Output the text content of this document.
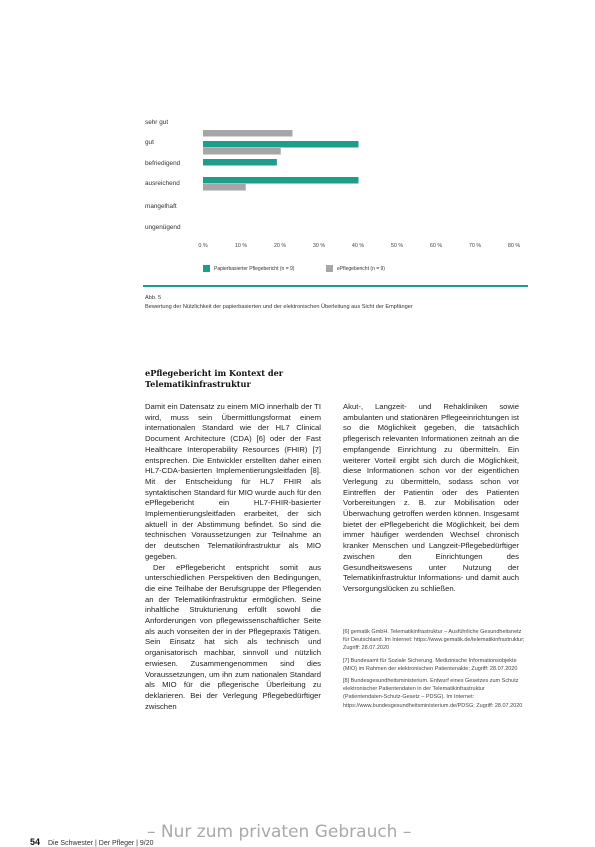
sehr gut
gut
befriedigend
ausreichend
mangelhaft
ungenügend
0 %	10 %	20 %	30 %	40 %	50 %	60 %	70 %	80 %
Papierbasierter Pflegebericht (n = 9)	ePflegebericht (n = 9)
Abb. 5
Bewertung der Nützlichkeit der papierbasierten und der elektronischen Überleitung aus Sicht der Empfänger
ePflegebericht im Kontext der Telematikinfrastruktur

Damit ein Datensatz zu einem MIO innerhalb der TI wird, muss sein Übermittlungsformat einem internationalen Standard wie der HL7 Clinical Document Architecture (CDA) [6] oder der Fast Healthcare Interoperability Resources (FHIR) [7] entsprechen. Die Entwickler erstellten daher einen HL7-CDA-basierten Implementierungsleitfaden [8]. Mit der Entscheidung für HL7 FHIR als syntaktischen Standard für MIO wurde auch für den ePflegebericht ein HL7-FHIR-basierter Implementierungsleitfaden erarbeitet, der sich aktuell in der Abstimmung befindet. So sind die technischen Voraussetzungen zur Teilnahme an der deutschen Telematikinfrastruktur als MIO gegeben.

Der ePflegebericht entspricht somit aus unterschiedlichen Perspektiven den Bedingungen, die eine Teilhabe der Berufsgruppe der Pflegenden an der Telematikinfrastruktur ermöglichen. Seine inhaltliche Strukturierung erfüllt sowohl die Anforderungen von pflegewissenschaftlicher Seite als auch vonseiten der in der Pflegepraxis Tätigen. Sein Einsatz hat sich als technisch und organisatorisch machbar, sinnvoll und nützlich erwiesen. Zusammengenommen sind dies Voraussetzungen, um ihn zum nationalen Standard als MIO für die pflegerische Überleitung zu deklarieren. Bei der Verlegung Pflegebedürftiger zwischen

Akut-, Langzeit- und Rehakliniken sowie ambulanten und stationären Pflegeeinrichtungen ist so die Möglichkeit gegeben, die tatsächlich pflegerisch relevanten Informationen zeitnah an die empfangende Einrichtung zu übermitteln. Ein weiterer Vorteil ergibt sich durch die Möglichkeit, diese Informationen schon vor der eigentlichen Verlegung zu übermitteln, sodass schon vor Eintreffen der Patientin oder des Patienten Vorbereitungen z. B. zur Mobilisation oder Überwachung getroffen werden können. Insgesamt bietet der ePflegebericht die Möglichkeit, bei dem immer häufiger werdenden Wechsel chronisch kranker Menschen und Langzeit-Pflegebedürftiger zwischen den Einrichtungen des Gesundheitswesens unter Nutzung der Telematikinfrastruktur Informations- und damit auch Versorgungslücken zu schließen.

[6] gematik GmbH. Telematikinfrastruktur – Ausführliche Gesundheitsnetz für Deutschland. Im Internet: https://www.gematik.de/telematikinfrastruktur; Zugriff: 28.07.2020
[7] Bundesamt für Soziale Sicherung. Medizinische Informationsobjekte (MIO) im Rahmen der elektronischen Patientenakte; Zugriff: 28.07.2020
[8] Bundesgesundheitsministerium. Entwurf eines Gesetzes zum Schutz elektronischer Patientendaten in der Telematikinfrastruktur (Patientendaten-Schutz-Gesetz – PDSG). Im Internet: https://www.bundesgesundheitsministerium.de/PDSG; Zugriff: 28.07.2020
– Nur zum privaten Gebrauch –
54 Die Schwester | Der Pfleger | 9/20
